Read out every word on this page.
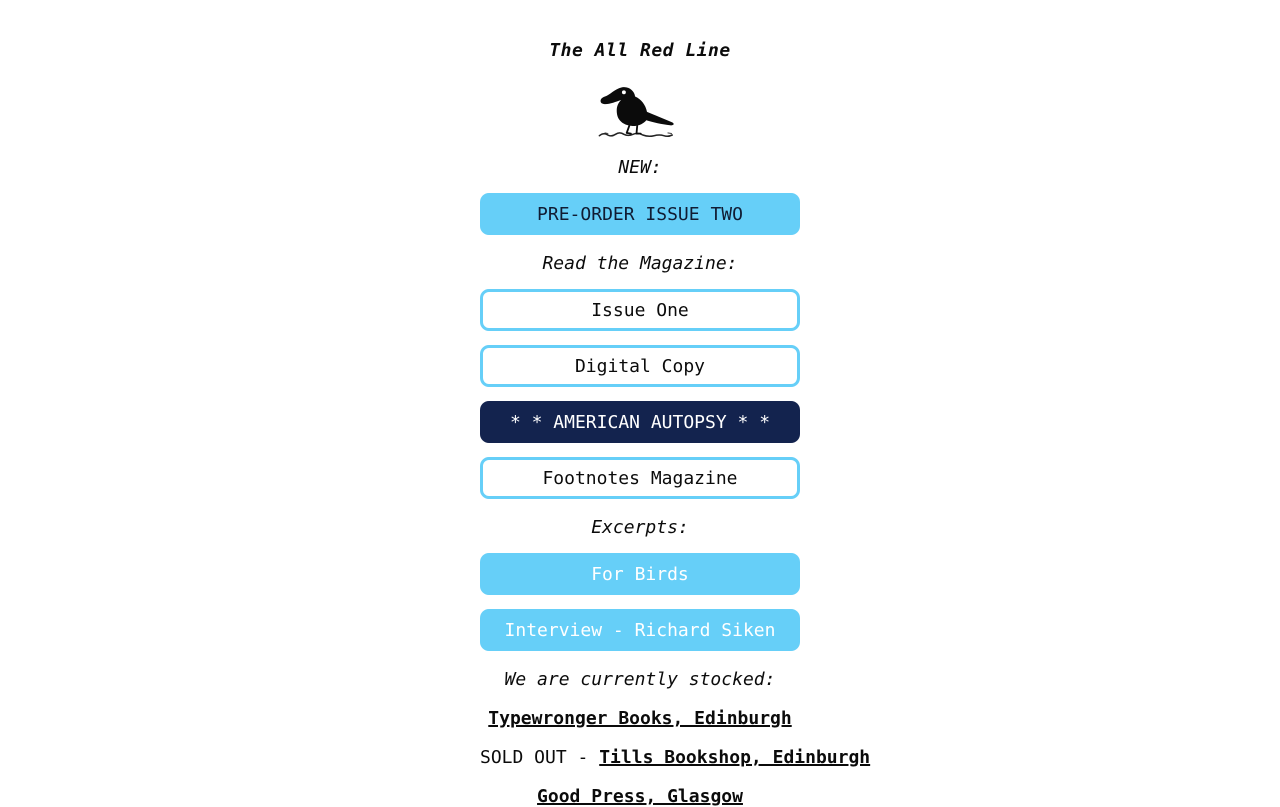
The All Red Line

NEW:

PRE-ORDER ISSUE TWO

Read the Magazine:

Issue One
Digital Copy
* * AMERICAN AUTOPSY * *
Footnotes Magazine

Excerpts:

For Birds
Interview - Richard Siken

We are currently stocked:

Typewronger Books, Edinburgh

SOLD OUT - Tills Bookshop, Edinburgh

Good Press, Glasgow
